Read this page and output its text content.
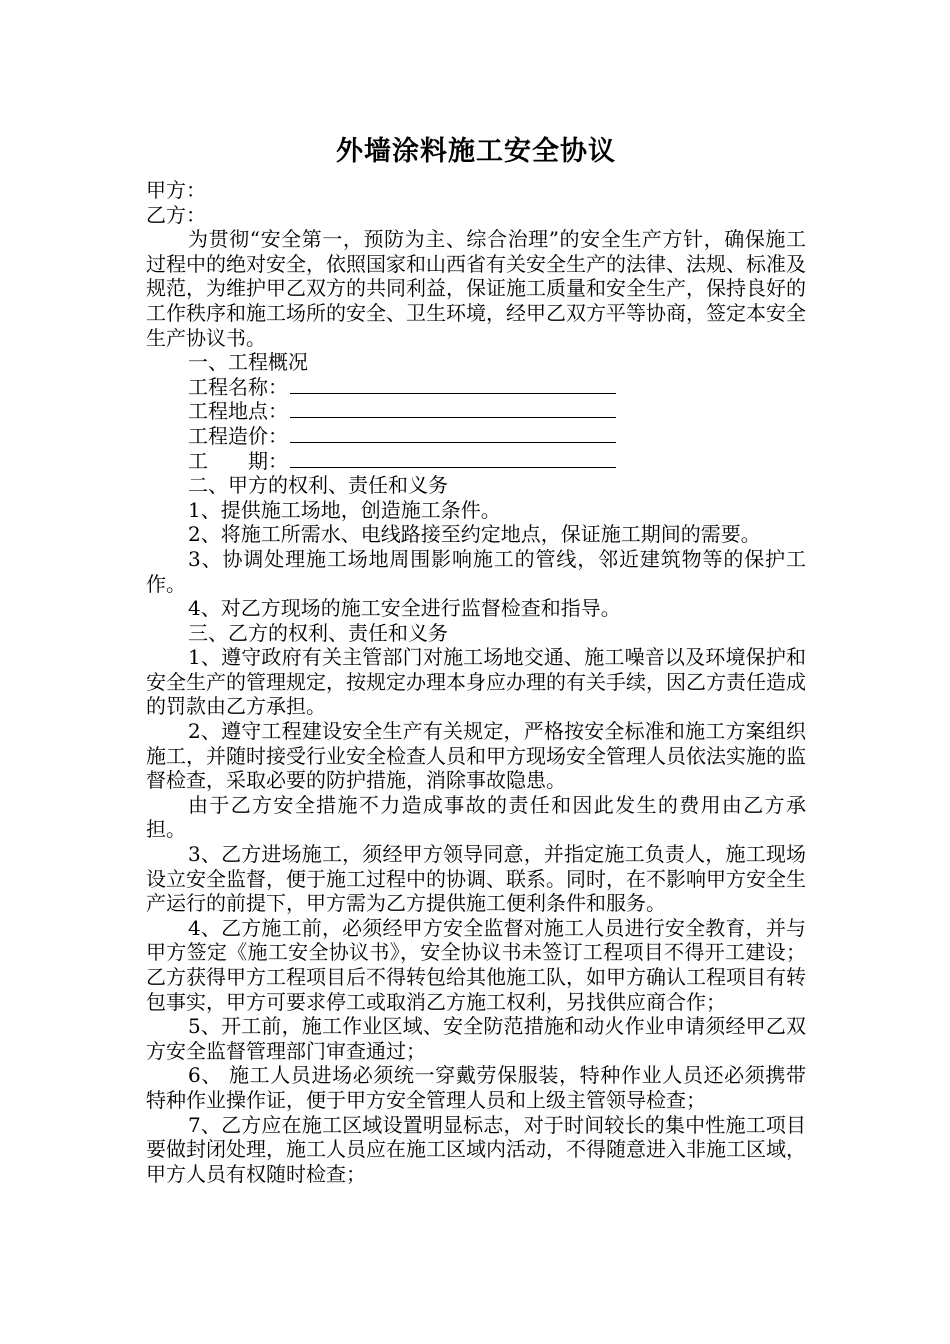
外墙涂料施工安全协议
甲方：
乙方：

为贯彻“安全第一，预防为主、综合治理”的安全生产方针，确保施工过程中的绝对安全，依照国家和山西省有关安全生产的法律、法规、标准及规范，为维护甲乙双方的共同利益，保证施工质量和安全生产，保持良好的工作秩序和施工场所的安全、卫生环境，经甲乙双方平等协商，签定本安全生产协议书。

一、工程概况

工程名称：
工程地点：
工程造价：
工　　期：

二、甲方的权利、责任和义务

1、提供施工场地，创造施工条件。

2、将施工所需水、电线路接至约定地点，保证施工期间的需要。

3、协调处理施工场地周围影响施工的管线，邻近建筑物等的保护工作。

4、对乙方现场的施工安全进行监督检查和指导。

三、乙方的权利、责任和义务

1、遵守政府有关主管部门对施工场地交通、施工噪音以及环境保护和安全生产的管理规定，按规定办理本身应办理的有关手续，因乙方责任造成的罚款由乙方承担。

2、遵守工程建设安全生产有关规定，严格按安全标准和施工方案组织施工，并随时接受行业安全检查人员和甲方现场安全管理人员依法实施的监督检查，采取必要的防护措施，消除事故隐患。

由于乙方安全措施不力造成事故的责任和因此发生的费用由乙方承担。

3、乙方进场施工，须经甲方领导同意，并指定施工负责人，施工现场设立安全监督，便于施工过程中的协调、联系。同时，在不影响甲方安全生产运行的前提下，甲方需为乙方提供施工便利条件和服务。

4、乙方施工前，必须经甲方安全监督对施工人员进行安全教育，并与甲方签定《施工安全协议书》，安全协议书未签订工程项目不得开工建设；乙方获得甲方工程项目后不得转包给其他施工队，如甲方确认工程项目有转包事实，甲方可要求停工或取消乙方施工权利，另找供应商合作；

5、开工前，施工作业区域、安全防范措施和动火作业申请须经甲乙双方安全监督管理部门审查通过；

6、 施工人员进场必须统一穿戴劳保服装，特种作业人员还必须携带特种作业操作证，便于甲方安全管理人员和上级主管领导检查；

7、乙方应在施工区域设置明显标志，对于时间较长的集中性施工项目要做封闭处理，施工人员应在施工区域内活动，不得随意进入非施工区域，甲方人员有权随时检查；
